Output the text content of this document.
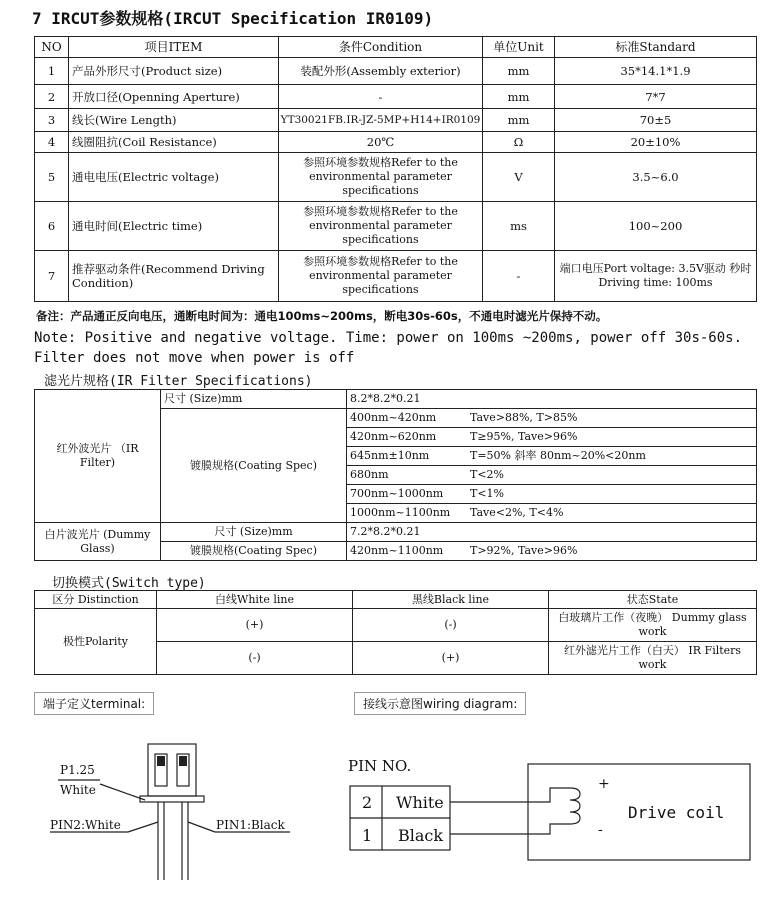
7 IRCUT参数规格(IRCUT Specification IR0109)
NO	项目ITEM	条件Condition	单位Unit	标准Standard
1	产品外形尺寸(Product size)	装配外形(Assembly exterior)	mm	35*14.1*1.9
2	开放口径(Openning Aperture)	-	mm	7*7
3	线长(Wire Length)	YT30021FB.IR-JZ-5MP+H14+IR0109	mm	70±5
4	线圈阻抗(Coil Resistance)	20℃	Ω	20±10%
5	通电电压(Electric voltage)	参照环境参数规格Refer to the environmental parameter specifications	V	3.5~6.0
6	通电时间(Electric time)	参照环境参数规格Refer to the environmental parameter specifications	ms	100~200
7	推荐驱动条件(Recommend Driving Condition)	参照环境参数规格Refer to the environmental parameter specifications	-	端口电压Port voltage: 3.5V驱动 秒时Driving time: 100ms
备注：产品通正反向电压，通断电时间为：通电100ms~200ms，断电30s-60s，不通电时滤光片保持不动。
Note: Positive and negative voltage. Time: power on 100ms ~200ms, power off 30s-60s. Filter does not move when power is off
滤光片规格(IR Filter Specifications)
红外波光片 （IR Filter)	尺寸 (Size)mm	8.2*8.2*0.21
	镀膜规格(Coating Spec)	400nm~420nm Tave>88%, T>85%
		420nm~620nm T≥95%, Tave>96%
		645nm±10nm T=50% 斜率 80nm~20%<20nm
		680nm T<2%
		700nm~1000nm T<1%
		1000nm~1100nm Tave<2%, T<4%
白片波光片 (Dummy Glass)	尺寸 (Size)mm	7.2*8.2*0.21
	镀膜规格(Coating Spec)	420nm~1100nm T>92%, Tave>96%
切换模式(Switch type)
区分 Distinction	白线White line	黑线Black line	状态State
极性Polarity	(+)	(-)	白玻璃片工作（夜晚） Dummy glass work
	(-)	(+)	红外滤光片工作（白天） IR Filters work
端子定义terminal:	接线示意图wiring diagram:
P1.25
White
PIN2:White	PIN1:Black
PIN NO.
2 White
1 Black
+
-
Drive coil
